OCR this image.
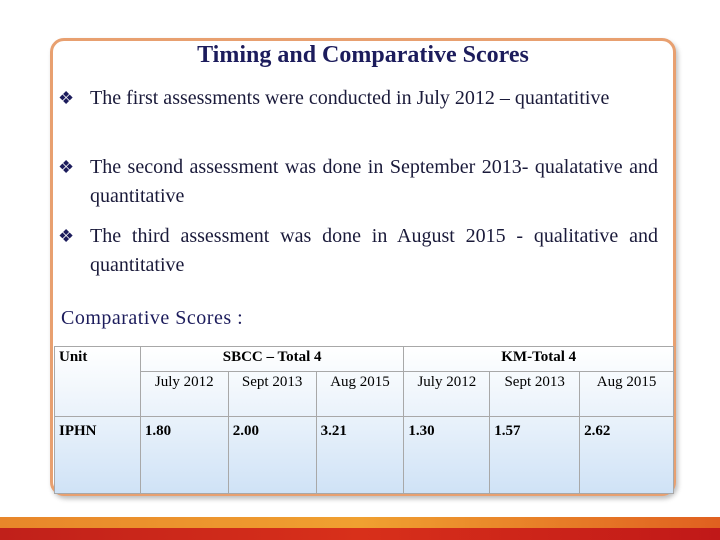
Timing and Comparative Scores
❖ The first assessments were conducted in July 2012 – quantatitive
❖ The second assessment was done in September 2013- qualatative and quantitative
❖ The third assessment was done in August 2015 - qualitative and quantitative
Comparative Scores :
Unit	SBCC – Total 4			KM-Total 4		
	July 2012	Sept 2013	Aug 2015	July 2012	Sept 2013	Aug 2015
IPHN	1.80	2.00	3.21	1.30	1.57	2.62
